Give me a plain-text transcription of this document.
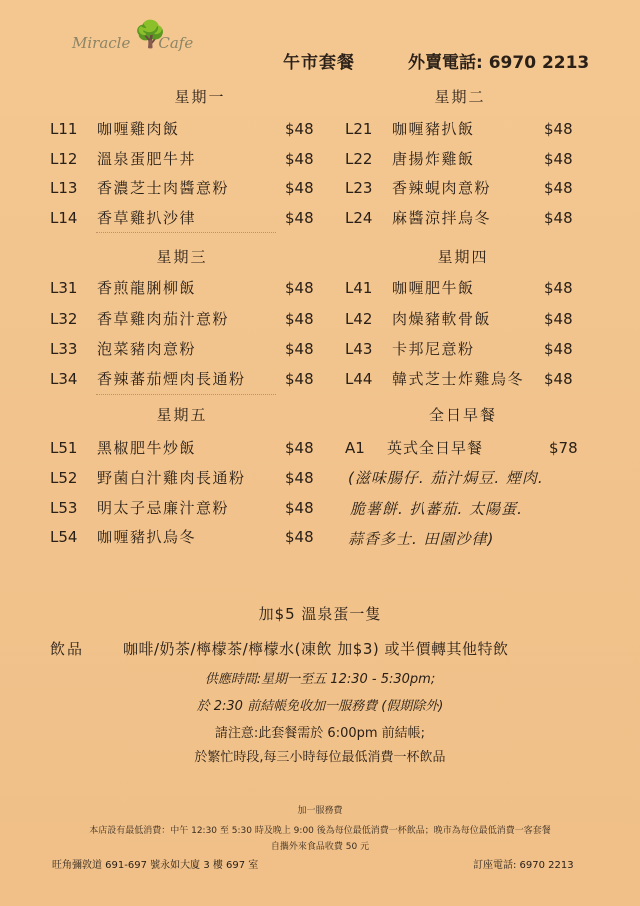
🌳
Miracle Cafe
午市套餐	外賣電話: 6970 2213
星期一
L11 咖喱雞肉飯	$48
L12 溫泉蛋肥牛丼	$48
L13 香濃芝士肉醬意粉	$48
L14 香草雞扒沙律	$48
星期二
L21 咖喱豬扒飯	$48
L22 唐揚炸雞飯	$48
L23 香辣蜆肉意粉	$48
L24 麻醬涼拌烏冬	$48
星期三
L31 香煎龍脷柳飯	$48
L32 香草雞肉茄汁意粉	$48
L33 泡菜豬肉意粉	$48
L34 香辣蕃茄煙肉長通粉	$48
星期四
L41 咖喱肥牛飯	$48
L42 肉燥豬軟骨飯	$48
L43 卡邦尼意粉	$48
L44 韓式芝士炸雞烏冬 $48
星期五
L51 黑椒肥牛炒飯	$48
L52 野菌白汁雞肉長通粉	$48
L53 明太子忌廉汁意粉	$48
L54 咖喱豬扒烏冬	$48
全日早餐
A1 英式全日早餐	$78
(滋味腸仔. 茄汁焗豆. 煙肉.
脆薯餅. 扒蕃茄. 太陽蛋.
蒜香多士. 田園沙律)
加$5 溫泉蛋一隻
飲品	咖啡/奶茶/檸檬茶/檸檬水(凍飲 加$3) 或半價轉其他特飲
供應時間:星期一至五 12:30 - 5:30pm;
於 2:30 前結帳免收加一服務費 (假期除外)
請注意:此套餐需於 6:00pm 前結帳;
於繁忙時段,每三小時每位最低消費一杯飲品
加一服務費
本店設有最低消費：中午 12:30 至 5:30 時及晚上 9:00 後為每位最低消費一杯飲品；晚市為每位最低消費一客套餐
自攜外來食品收費 50 元
旺角彌敦道 691-697 號永如大廈 3 樓 697 室	訂座電話: 6970 2213
